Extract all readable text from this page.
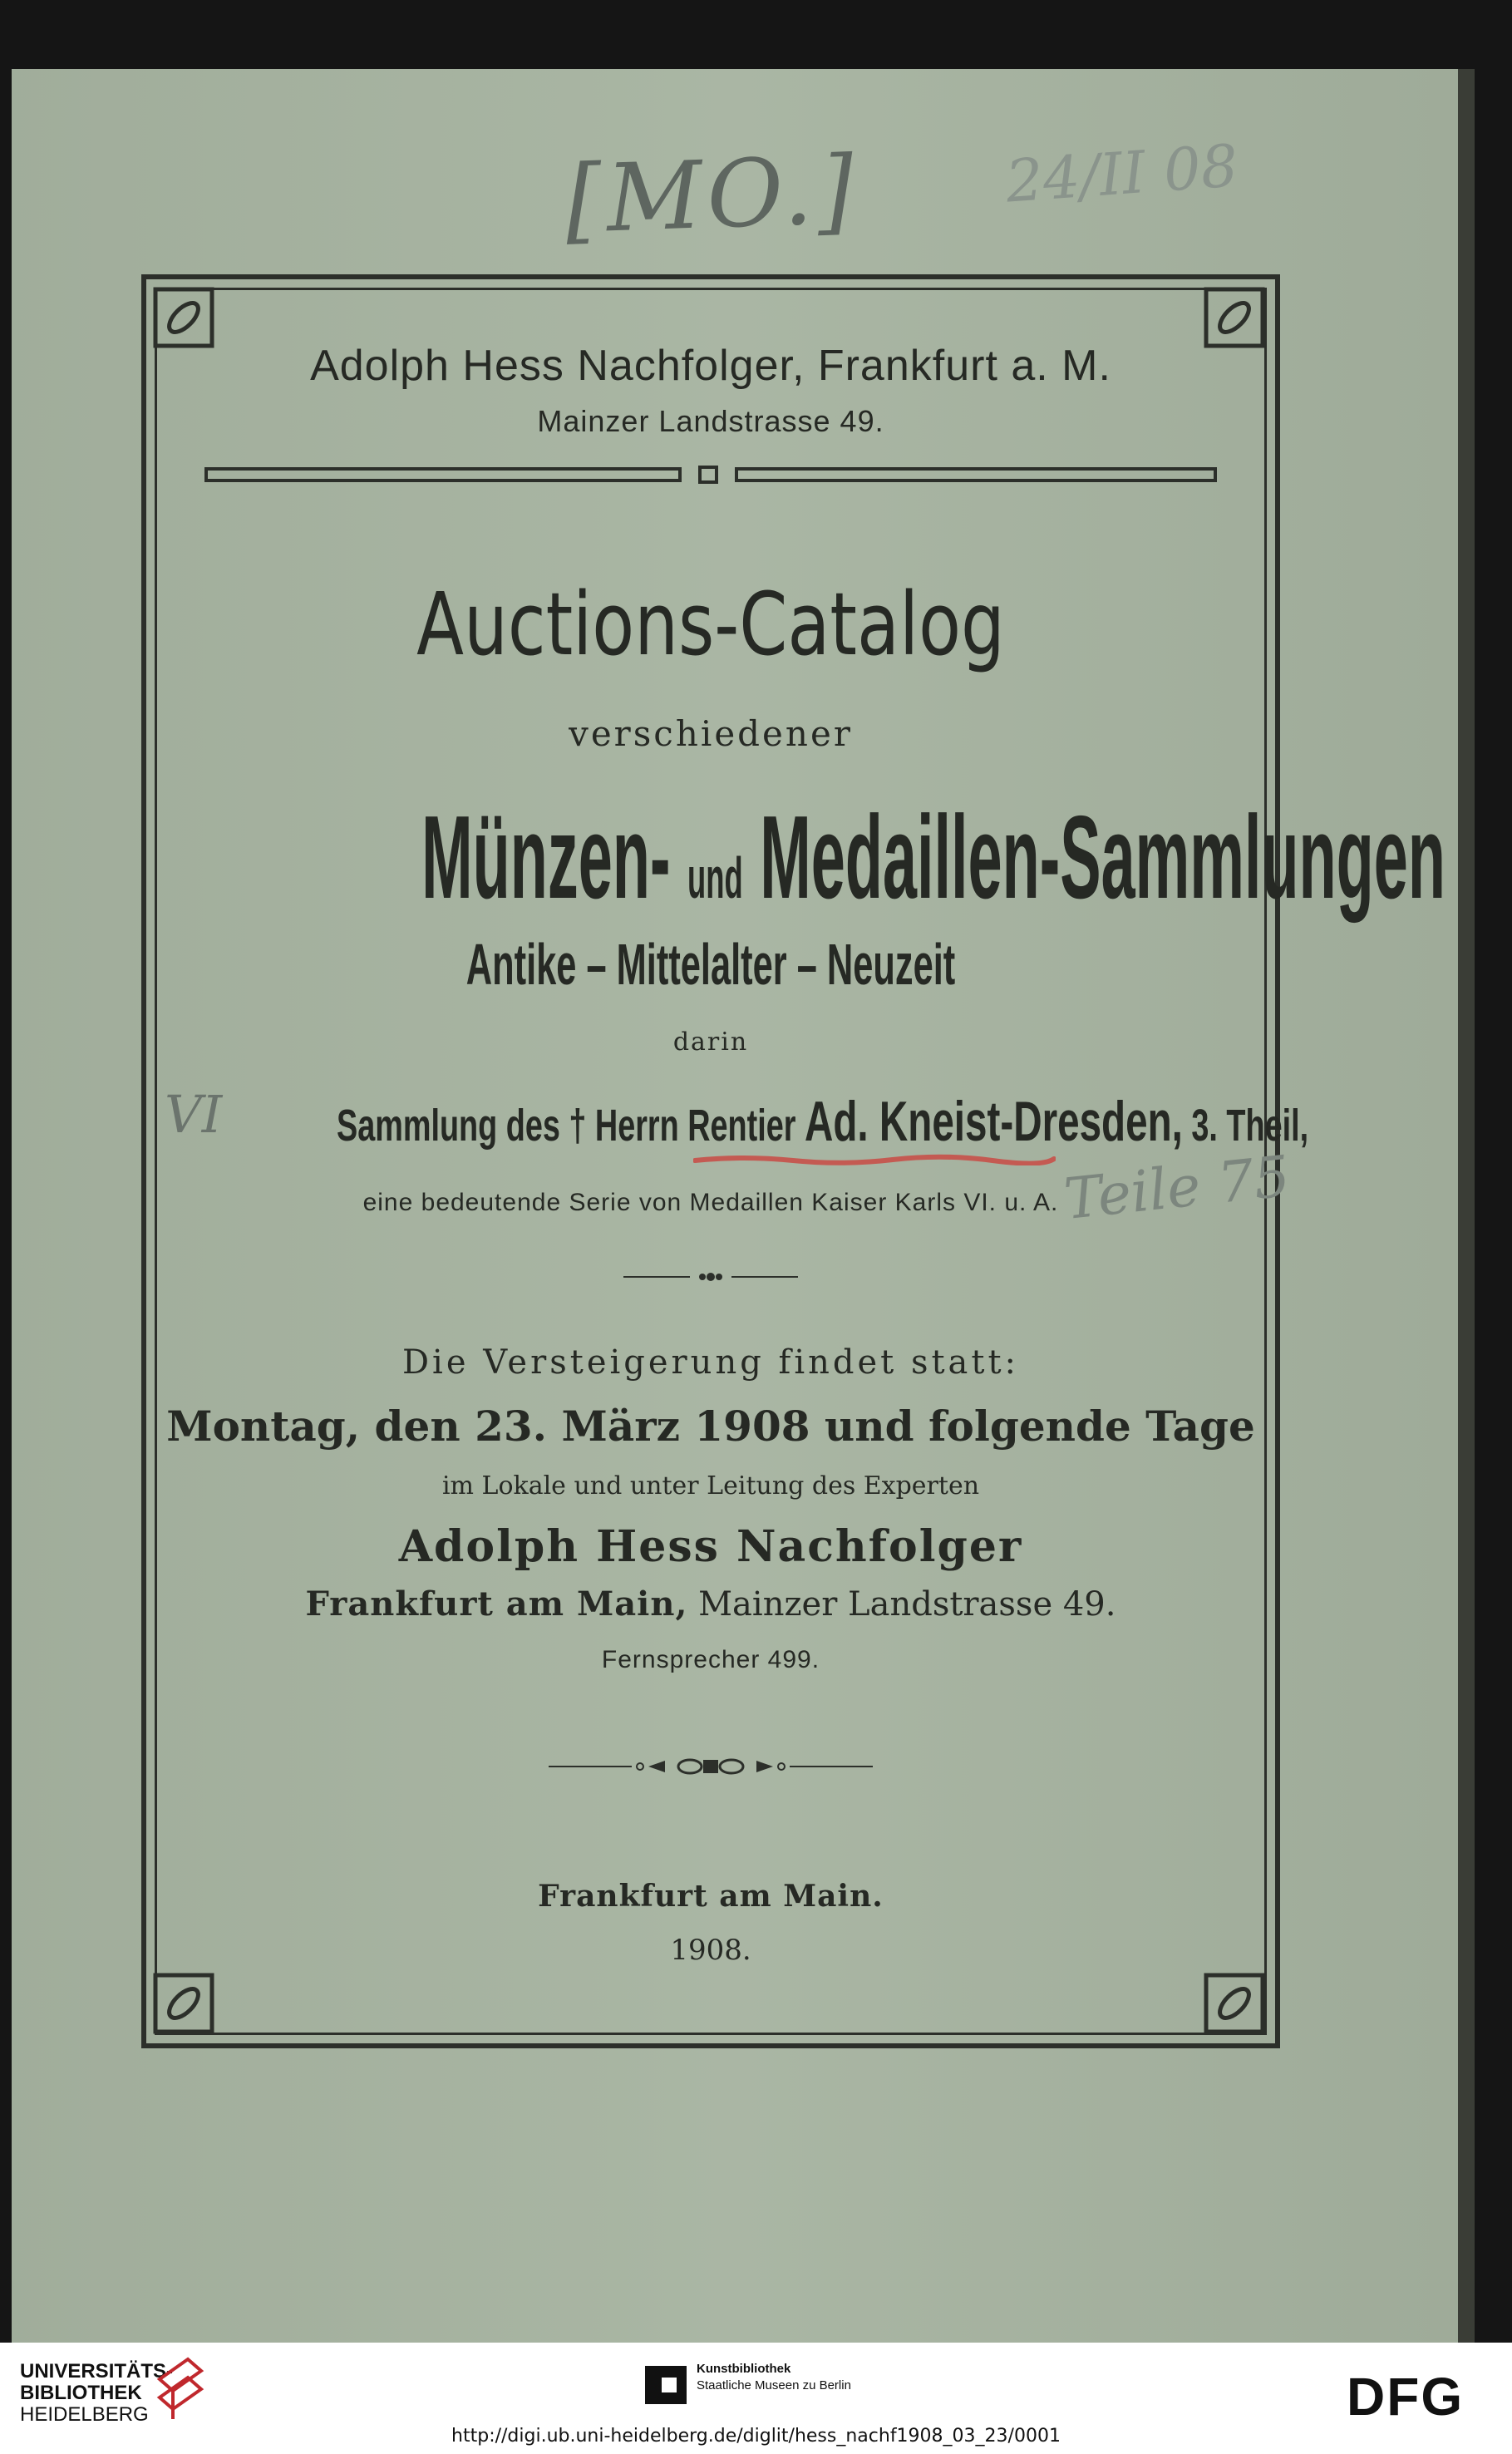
[MO.] 24/II 08
Adolph Hess Nachfolger, Frankfurt a. M.
Mainzer Landstrasse 49.
Auctions-Catalog
verschiedener
Münzen- und Medaillen-Sammlungen
Antike – Mittelalter – Neuzeit
darin
VI	Sammlung des † Herrn Rentier Ad. Kneist-Dresden, 3. Theil,
Teile 75
eine bedeutende Serie von Medaillen Kaiser Karls VI. u. A.
Die Versteigerung findet statt:
Montag, den 23. März 1908 und folgende Tage
im Lokale und unter Leitung des Experten
Adolph Hess Nachfolger
Frankfurt am Main, Mainzer Landstrasse 49.
Fernsprecher 499.
Frankfurt am Main.
1908.
UNIVERSITÄTS-
BIBLIOTHEK
HEIDELBERG
Kunstbibliothek
Staatliche Museen zu Berlin	DFG
http://digi.ub.uni-heidelberg.de/diglit/hess_nachf1908_03_23/0001
